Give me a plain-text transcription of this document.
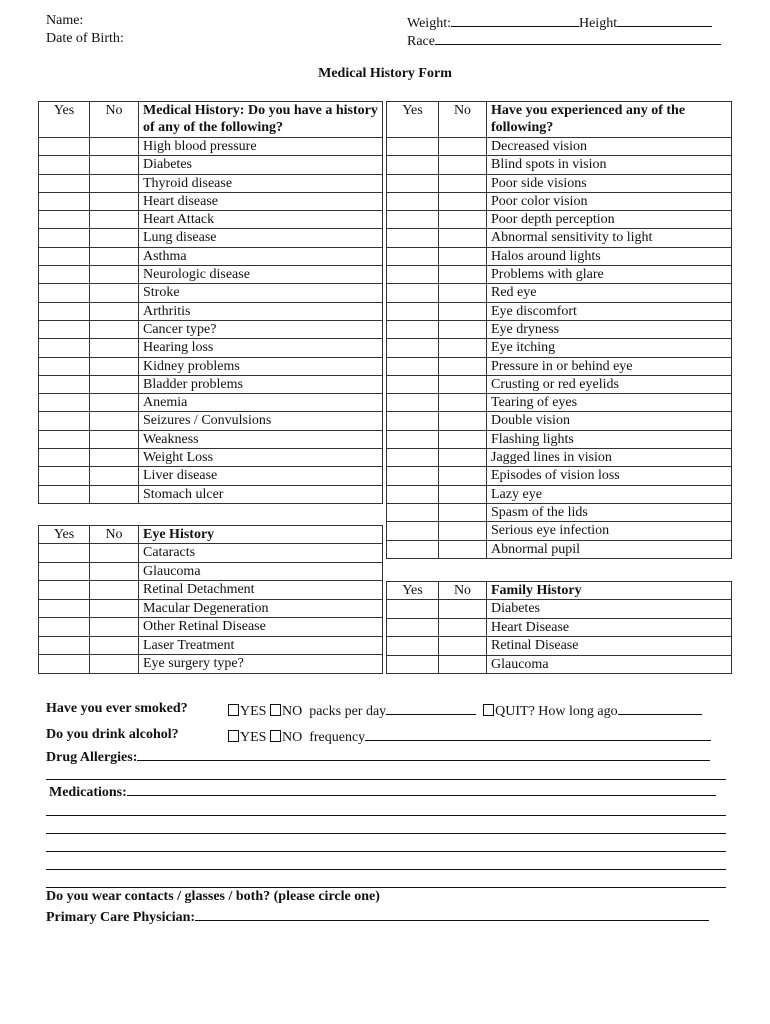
Name:
Date of Birth:
Weight:	Height
Race
Medical History Form
Yes	No	Medical History: Do you have a history of any of the following?
		High blood pressure
		Diabetes
		Thyroid disease
		Heart disease
		Heart Attack
		Lung disease
		Asthma
		Neurologic disease
		Stroke
		Arthritis
		Cancer type?
		Hearing loss
		Kidney problems
		Bladder problems
		Anemia
		Seizures / Convulsions
		Weakness
		Weight Loss
		Liver disease
		Stomach ulcer
Yes	No	Have you experienced any of the following?
		Decreased vision
		Blind spots in vision
		Poor side visions
		Poor color vision
		Poor depth perception
		Abnormal sensitivity to light
		Halos around lights
		Problems with glare
		Red eye
		Eye discomfort
		Eye dryness
		Eye itching
		Pressure in or behind eye
		Crusting or red eyelids
		Tearing of eyes
		Double vision
		Flashing lights
		Jagged lines in vision
		Episodes of vision loss
		Lazy eye
		Spasm of the lids
		Serious eye infection
		Abnormal pupil
Yes	No	Eye History
		Cataracts
		Glaucoma
		Retinal Detachment
		Macular Degeneration
		Other Retinal Disease
		Laser Treatment
		Eye surgery type?
Yes	No	Family History
		Diabetes
		Heart Disease
		Retinal Disease
		Glaucoma
Have you ever smoked?	YES NO packs per day	QUIT? How long ago
Do you drink alcohol?	YES NO frequency
Drug Allergies:
Medications:
Do you wear contacts / glasses / both? (please circle one)
Primary Care Physician:
